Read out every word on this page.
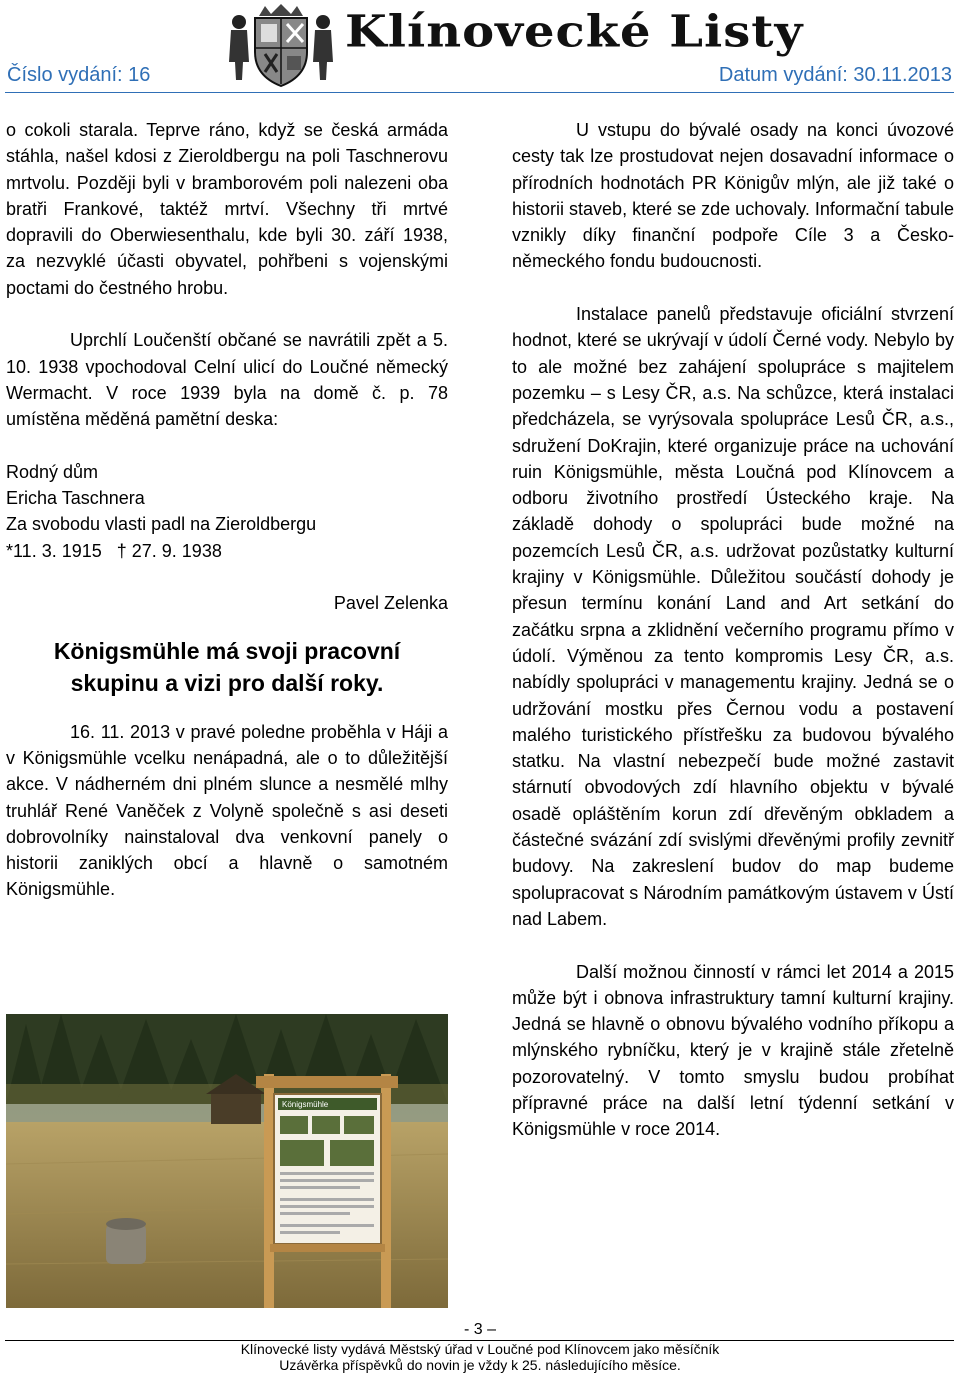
Klínovecké Listy
Číslo vydání: 16	Datum vydání: 30.11.2013

o cokoli starala. Teprve ráno, když se česká armáda stáhla, našel kdosi z Zieroldbergu na poli Taschnerovu mrtvolu. Později byli v bramborovém poli nalezeni oba bratři Frankové, taktéž mrtví. Všechny tři mrtvé dopravili do Oberwiesenthalu, kde byli 30. září 1938, za nezvyklé účasti obyvatel, pohřbeni s vojenskými poctami do čestného hrobu.

Uprchlí Loučenští občané se navrátili zpět a 5. 10. 1938 vpochodoval Celní ulicí do Loučné německý Wermacht. V roce 1939 byla na domě č. p. 78 umístěna měděná pamětní deska:

Rodný dům
Ericha Taschnera
Za svobodu vlasti padl na Zieroldbergu
*11. 3. 1915   † 27. 9. 1938

Pavel Zelenka

Königsmühle má svoji pracovní
skupinu a vizi pro další roky.

16. 11. 2013 v pravé poledne proběhla v Háji a v Königsmühle vcelku nenápadná, ale o to důležitější akce. V nádherném dni plném slunce a nesmělé mlhy truhlář René Vaněček z Volyně společně s asi deseti dobrovolníky nainstaloval dva venkovní panely o historii zaniklých obcí a hlavně o samotném Königsmühle.

Königsmühle

U vstupu do bývalé osady na konci úvozové cesty tak lze prostudovat nejen dosavadní informace o přírodních hodnotách PR Königův mlýn, ale již také o historii staveb, které se zde uchovaly. Informační tabule vznikly díky finanční podpoře Cíle 3 a Česko-německého fondu budoucnosti.

Instalace panelů představuje oficiální stvrzení hodnot, které se ukrývají v údolí Černé vody. Nebylo by to ale možné bez zahájení spolupráce s majitelem pozemku – s Lesy ČR, a.s. Na schůzce, která instalaci předcházela, se vyrýsovala spolupráce Lesů ČR, a.s., sdružení DoKrajin, které organizuje práce na uchování ruin Königsmühle, města Loučná pod Klínovcem a odboru životního prostředí Ústeckého kraje. Na základě dohody o spolupráci bude možné na pozemcích Lesů ČR, a.s. udržovat pozůstatky kulturní krajiny v Königsmühle. Důležitou součástí dohody je přesun termínu konání Land and Art setkání do začátku srpna a zklidnění večerního programu přímo v údolí. Výměnou za tento kompromis Lesy ČR, a.s. nabídly spolupráci v managementu krajiny. Jedná se o udržování mostku přes Černou vodu a postavení malého turistického přístřešku za budovou bývalého statku. Na vlastní nebezpečí bude možné zastavit stárnutí obvodových zdí hlavního objektu v bývalé osadě opláštěním korun zdí dřevěným obkladem a částečné svázání zdí svislými dřevěnými profily zevnitř budovy. Na zakreslení budov do map budeme spolupracovat s Národním památkovým ústavem v Ústí nad Labem.

Další možnou činností v rámci let 2014 a 2015 může být i obnova infrastruktury tamní kulturní krajiny. Jedná se hlavně o obnovu bývalého vodního příkopu a mlýnského rybníčku, který je v krajině stále zřetelně pozorovatelný. V tomto smyslu budou probíhat přípravné práce na další letní týdenní setkání v Königsmühle v roce 2014.

- 3 –
Klínovecké listy vydává Městský úřad v Loučné pod Klínovcem jako měsíčník
Uzávěrka příspěvků do novin je vždy k 25. následujícího měsíce.
